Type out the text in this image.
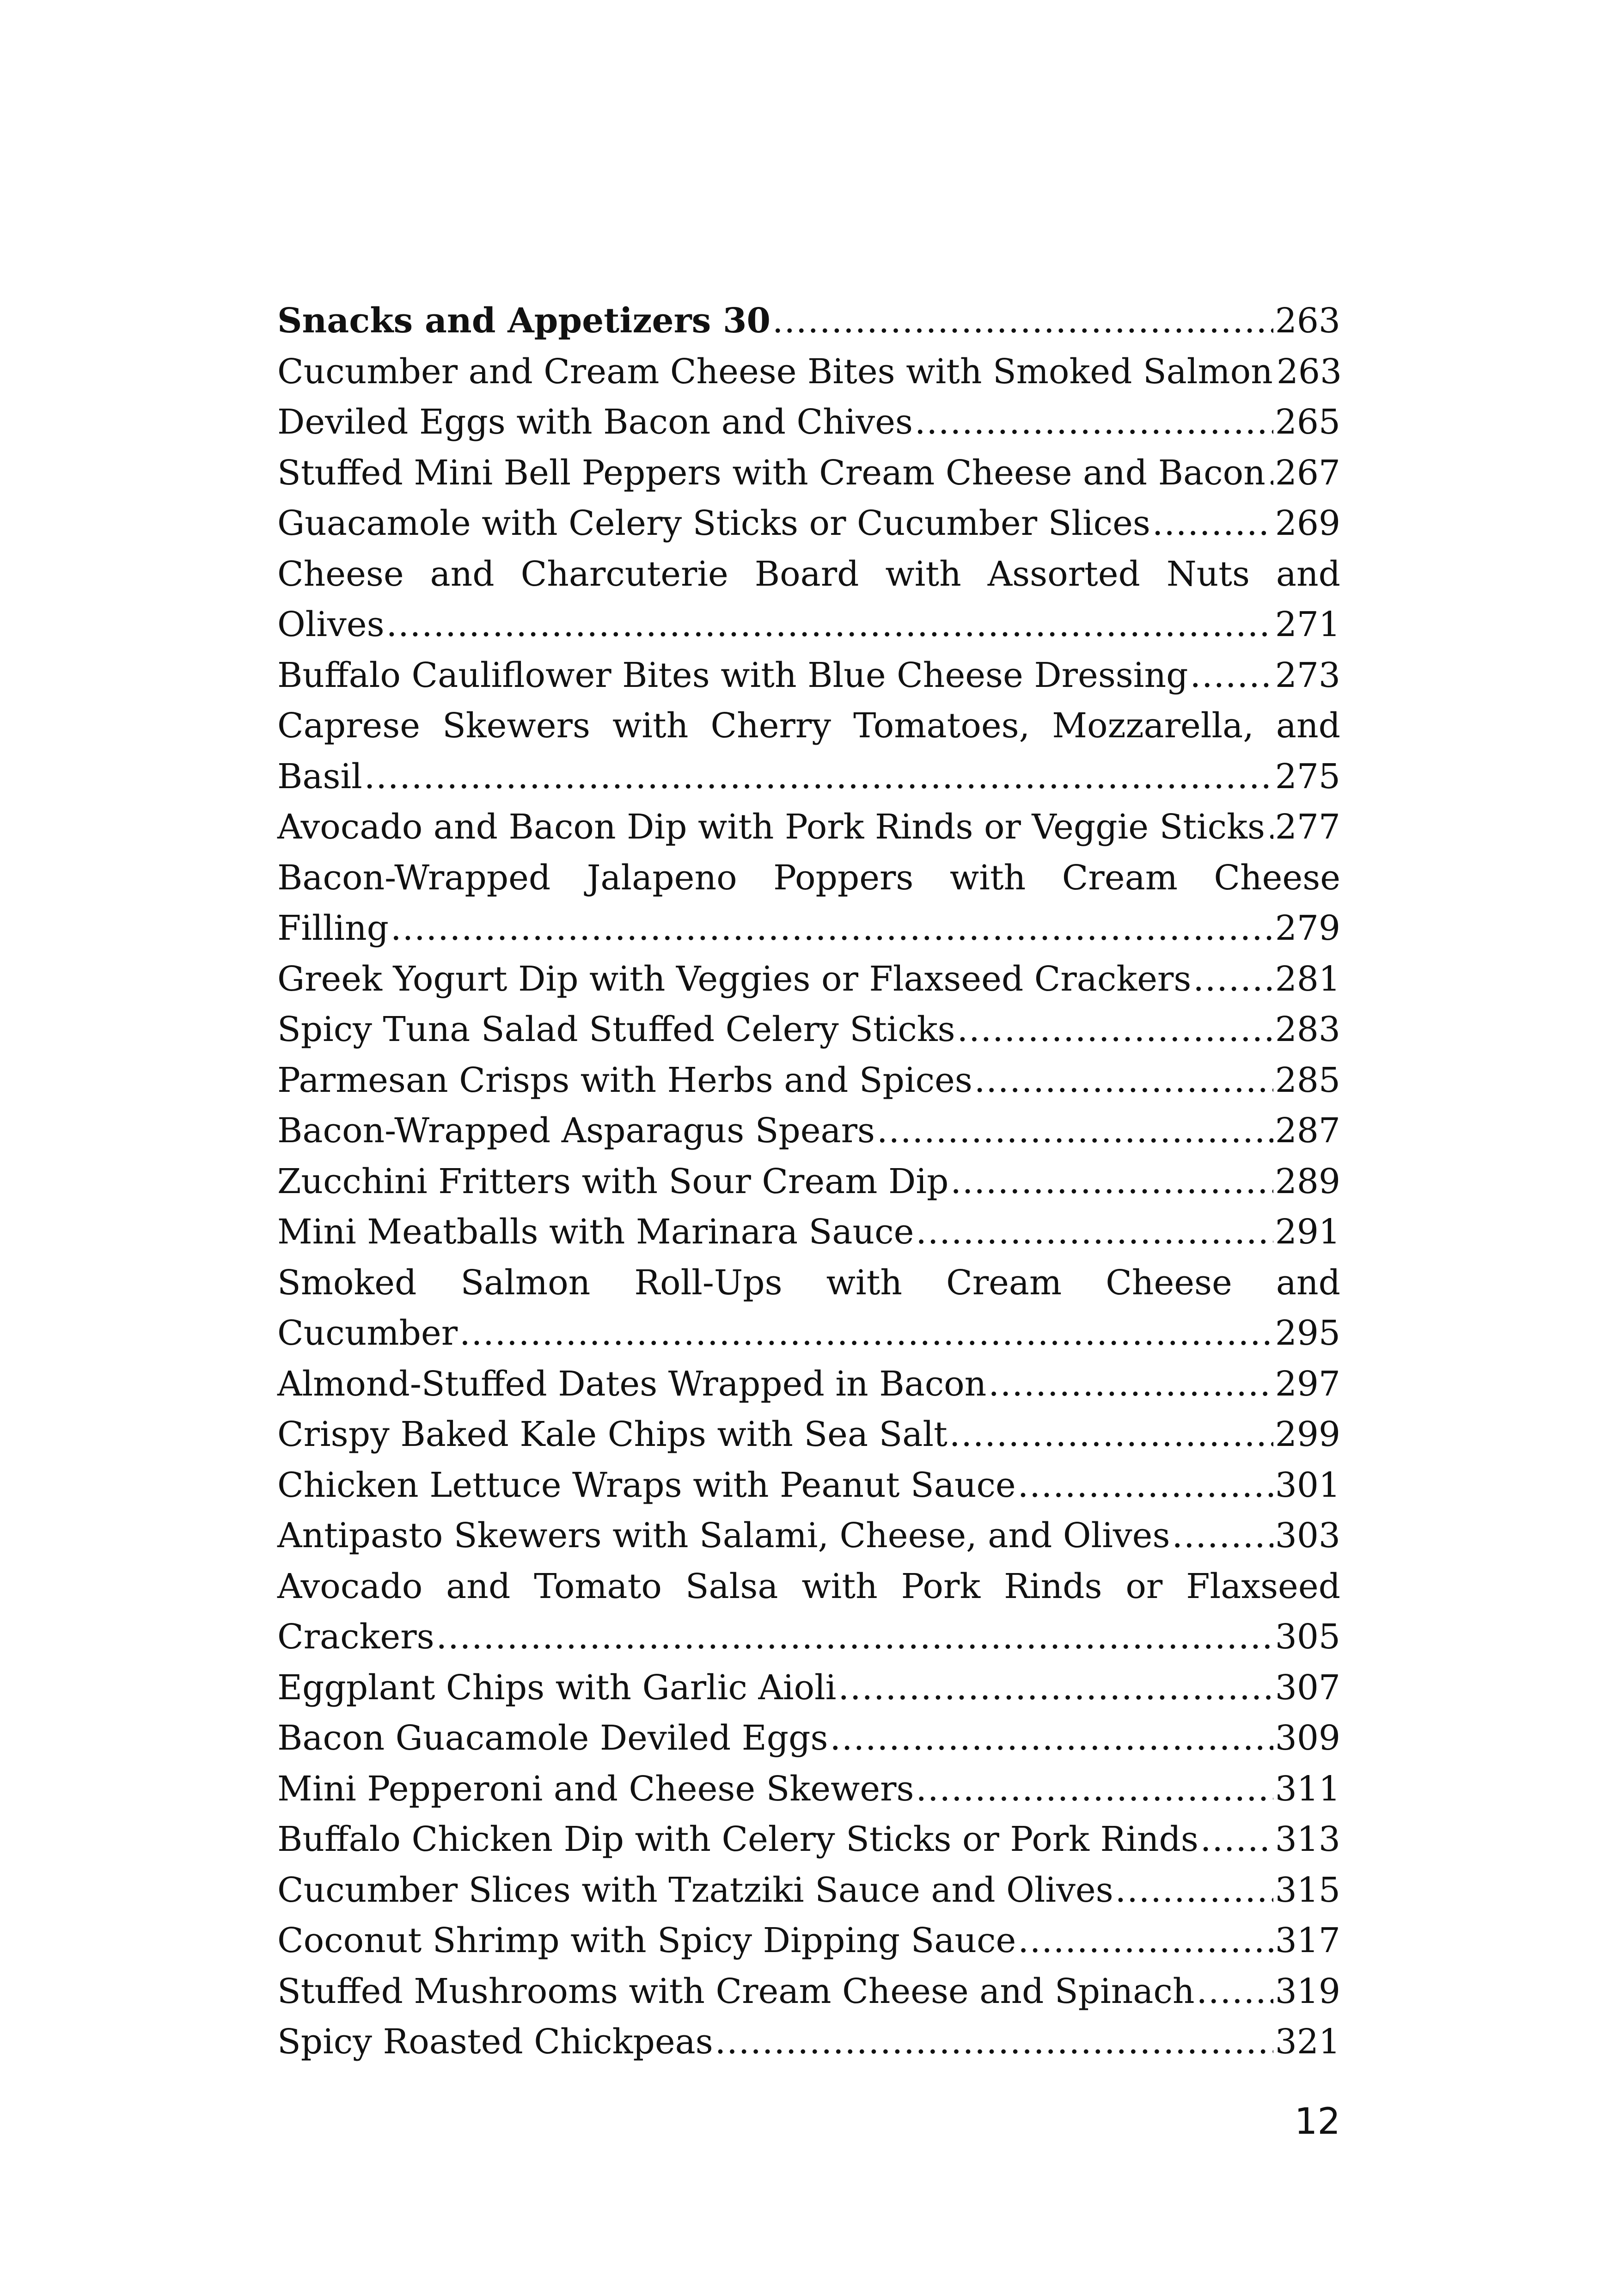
Snacks and Appetizers 30 .....	263
Cucumber and Cream Cheese Bites with Smoked Salmon 263
Deviled Eggs with Bacon and Chives .....	265
Stuffed Mini Bell Peppers with Cream Cheese and Bacon ..... 267
Guacamole with Celery Sticks or Cucumber Slices .....	269
Cheese and Charcuterie Board with Assorted Nuts and
Olives .....	271
Buffalo Cauliflower Bites with Blue Cheese Dressing .....	273
Caprese Skewers with Cherry Tomatoes, Mozzarella, and
Basil .....	275
Avocado and Bacon Dip with Pork Rinds or Veggie Sticks ..... 277
Bacon-Wrapped Jalapeno Poppers with Cream Cheese
Filling .....	279
Greek Yogurt Dip with Veggies or Flaxseed Crackers ..... 281
Spicy Tuna Salad Stuffed Celery Sticks .....	283
Parmesan Crisps with Herbs and Spices .....	285
Bacon-Wrapped Asparagus Spears .....	287
Zucchini Fritters with Sour Cream Dip .....	289
Mini Meatballs with Marinara Sauce .....	291
Smoked Salmon Roll-Ups with Cream Cheese and
Cucumber .....	295
Almond-Stuffed Dates Wrapped in Bacon .....	297
Crispy Baked Kale Chips with Sea Salt .....	299
Chicken Lettuce Wraps with Peanut Sauce .....	301
Antipasto Skewers with Salami, Cheese, and Olives .....	303
Avocado and Tomato Salsa with Pork Rinds or Flaxseed
Crackers .....	305
Eggplant Chips with Garlic Aioli .....	307
Bacon Guacamole Deviled Eggs .....	309
Mini Pepperoni and Cheese Skewers .....	311
Buffalo Chicken Dip with Celery Sticks or Pork Rinds ..... 313
Cucumber Slices with Tzatziki Sauce and Olives .....	315
Coconut Shrimp with Spicy Dipping Sauce .....	317
Stuffed Mushrooms with Cream Cheese and Spinach ..... 319
Spicy Roasted Chickpeas .....	321
12
